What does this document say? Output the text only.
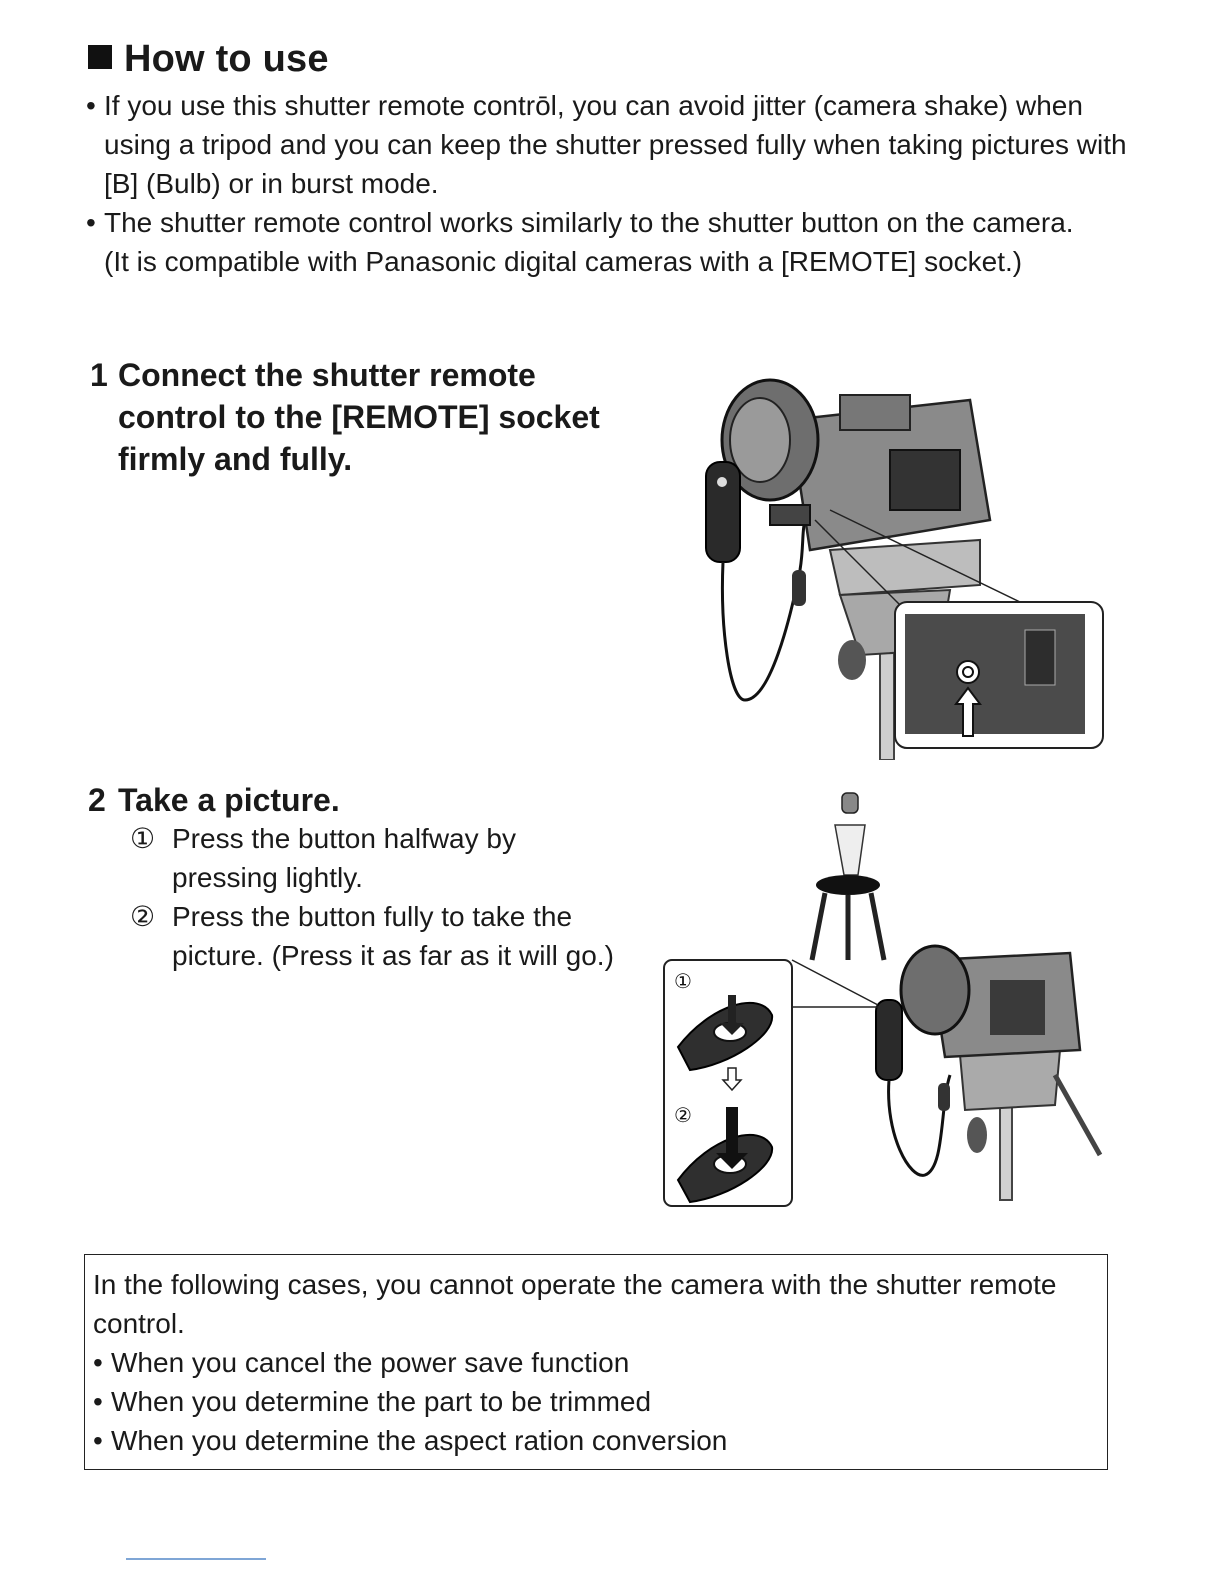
How to use
• If you use this shutter remote contrōl, you can avoid jitter (camera shake) when using a tripod and you can keep the shutter pressed fully when taking pictures with [B] (Bulb) or in burst mode.
• The shutter remote control works similarly to the shutter button on the camera.
(It is compatible with Panasonic digital cameras with a [REMOTE] socket.)
1 Connect the shutter remote control to the [REMOTE] socket firmly and fully.
2 Take a picture.
① Press the button halfway by pressing lightly.
② Press the button fully to take the picture. (Press it as far as it will go.)
①
②
In the following cases, you cannot operate the camera with the shutter remote control.
• When you cancel the power save function
• When you determine the part to be trimmed
• When you determine the aspect ration conversion
